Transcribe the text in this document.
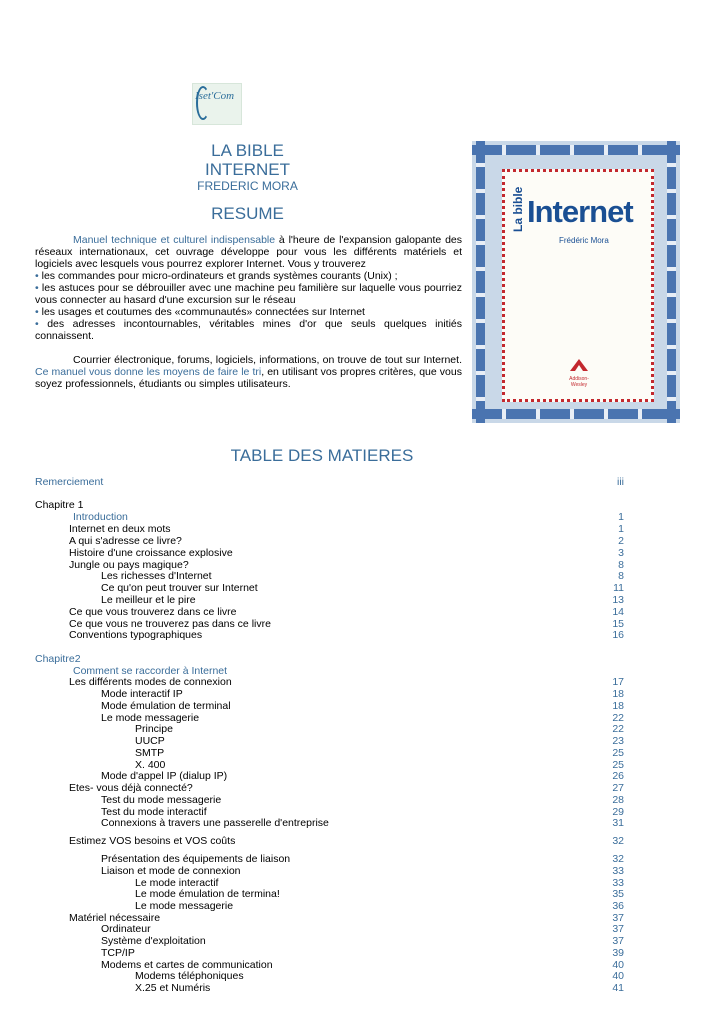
Iset'Com
LA BIBLE
INTERNET
FREDERIC MORA
RESUME

Manuel technique et culturel indispensable à l'heure de l'expansion galopante des réseaux internationaux, cet ouvrage développe pour vous les différents matériels et logiciels avec lesquels vous pourrez explorer Internet. Vous y trouverez

• les commandes pour micro-ordinateurs et grands systèmes courants (Unix) ;

• les astuces pour se débrouiller avec une machine peu familière sur laquelle vous pourriez vous connecter au hasard d'une excursion sur le réseau

• les usages et coutumes des «communautés» connectées sur Internet

• des adresses incontournables, véritables mines d'or que seuls quelques initiés connaissent.

Courrier électronique, forums, logiciels, informations, on trouve de tout sur Internet. Ce manuel vous donne les moyens de faire le tri, en utilisant vos propres critères, que vous soyez professionnels, étudiants ou simples utilisateurs.

La bible Internet
Frédéric Mora
Addison-Wesley
TABLE DES MATIERES
Remerciement	iii
Chapitre 1
Introduction	1
Internet en deux mots	1
A qui s'adresse ce livre?	2
Histoire d'une croissance explosive	3
Jungle ou pays magique?	8
Les richesses d'Internet	8
Ce qu'on peut trouver sur Internet	11
Le meilleur et le pire	13
Ce que vous trouverez dans ce livre	14
Ce que vous ne trouverez pas dans ce livre	15
Conventions typographiques	16
Chapitre2
Comment se raccorder à Internet
Les différents modes de connexion	17
Mode interactif IP	18
Mode émulation de terminal	18
Le mode messagerie	22
Principe	22
UUCP	23
SMTP	25
X. 400	25
Mode d'appel IP (dialup IP)	26
Etes- vous déjà connecté?	27
Test du mode messagerie	28
Test du mode interactif	29
Connexions à travers une passerelle d'entreprise	31
Estimez VOS besoins et VOS coûts	32
Présentation des équipements de liaison	32
Liaison et mode de connexion	33
Le mode interactif	33
Le mode émulation de termina!	35
Le mode messagerie	36
Matériel nécessaire	37
Ordinateur	37
Système d'exploitation	37
TCP/IP	39
Modems et cartes de communication	40
Modems téléphoniques	40
X.25 et Numéris	41
